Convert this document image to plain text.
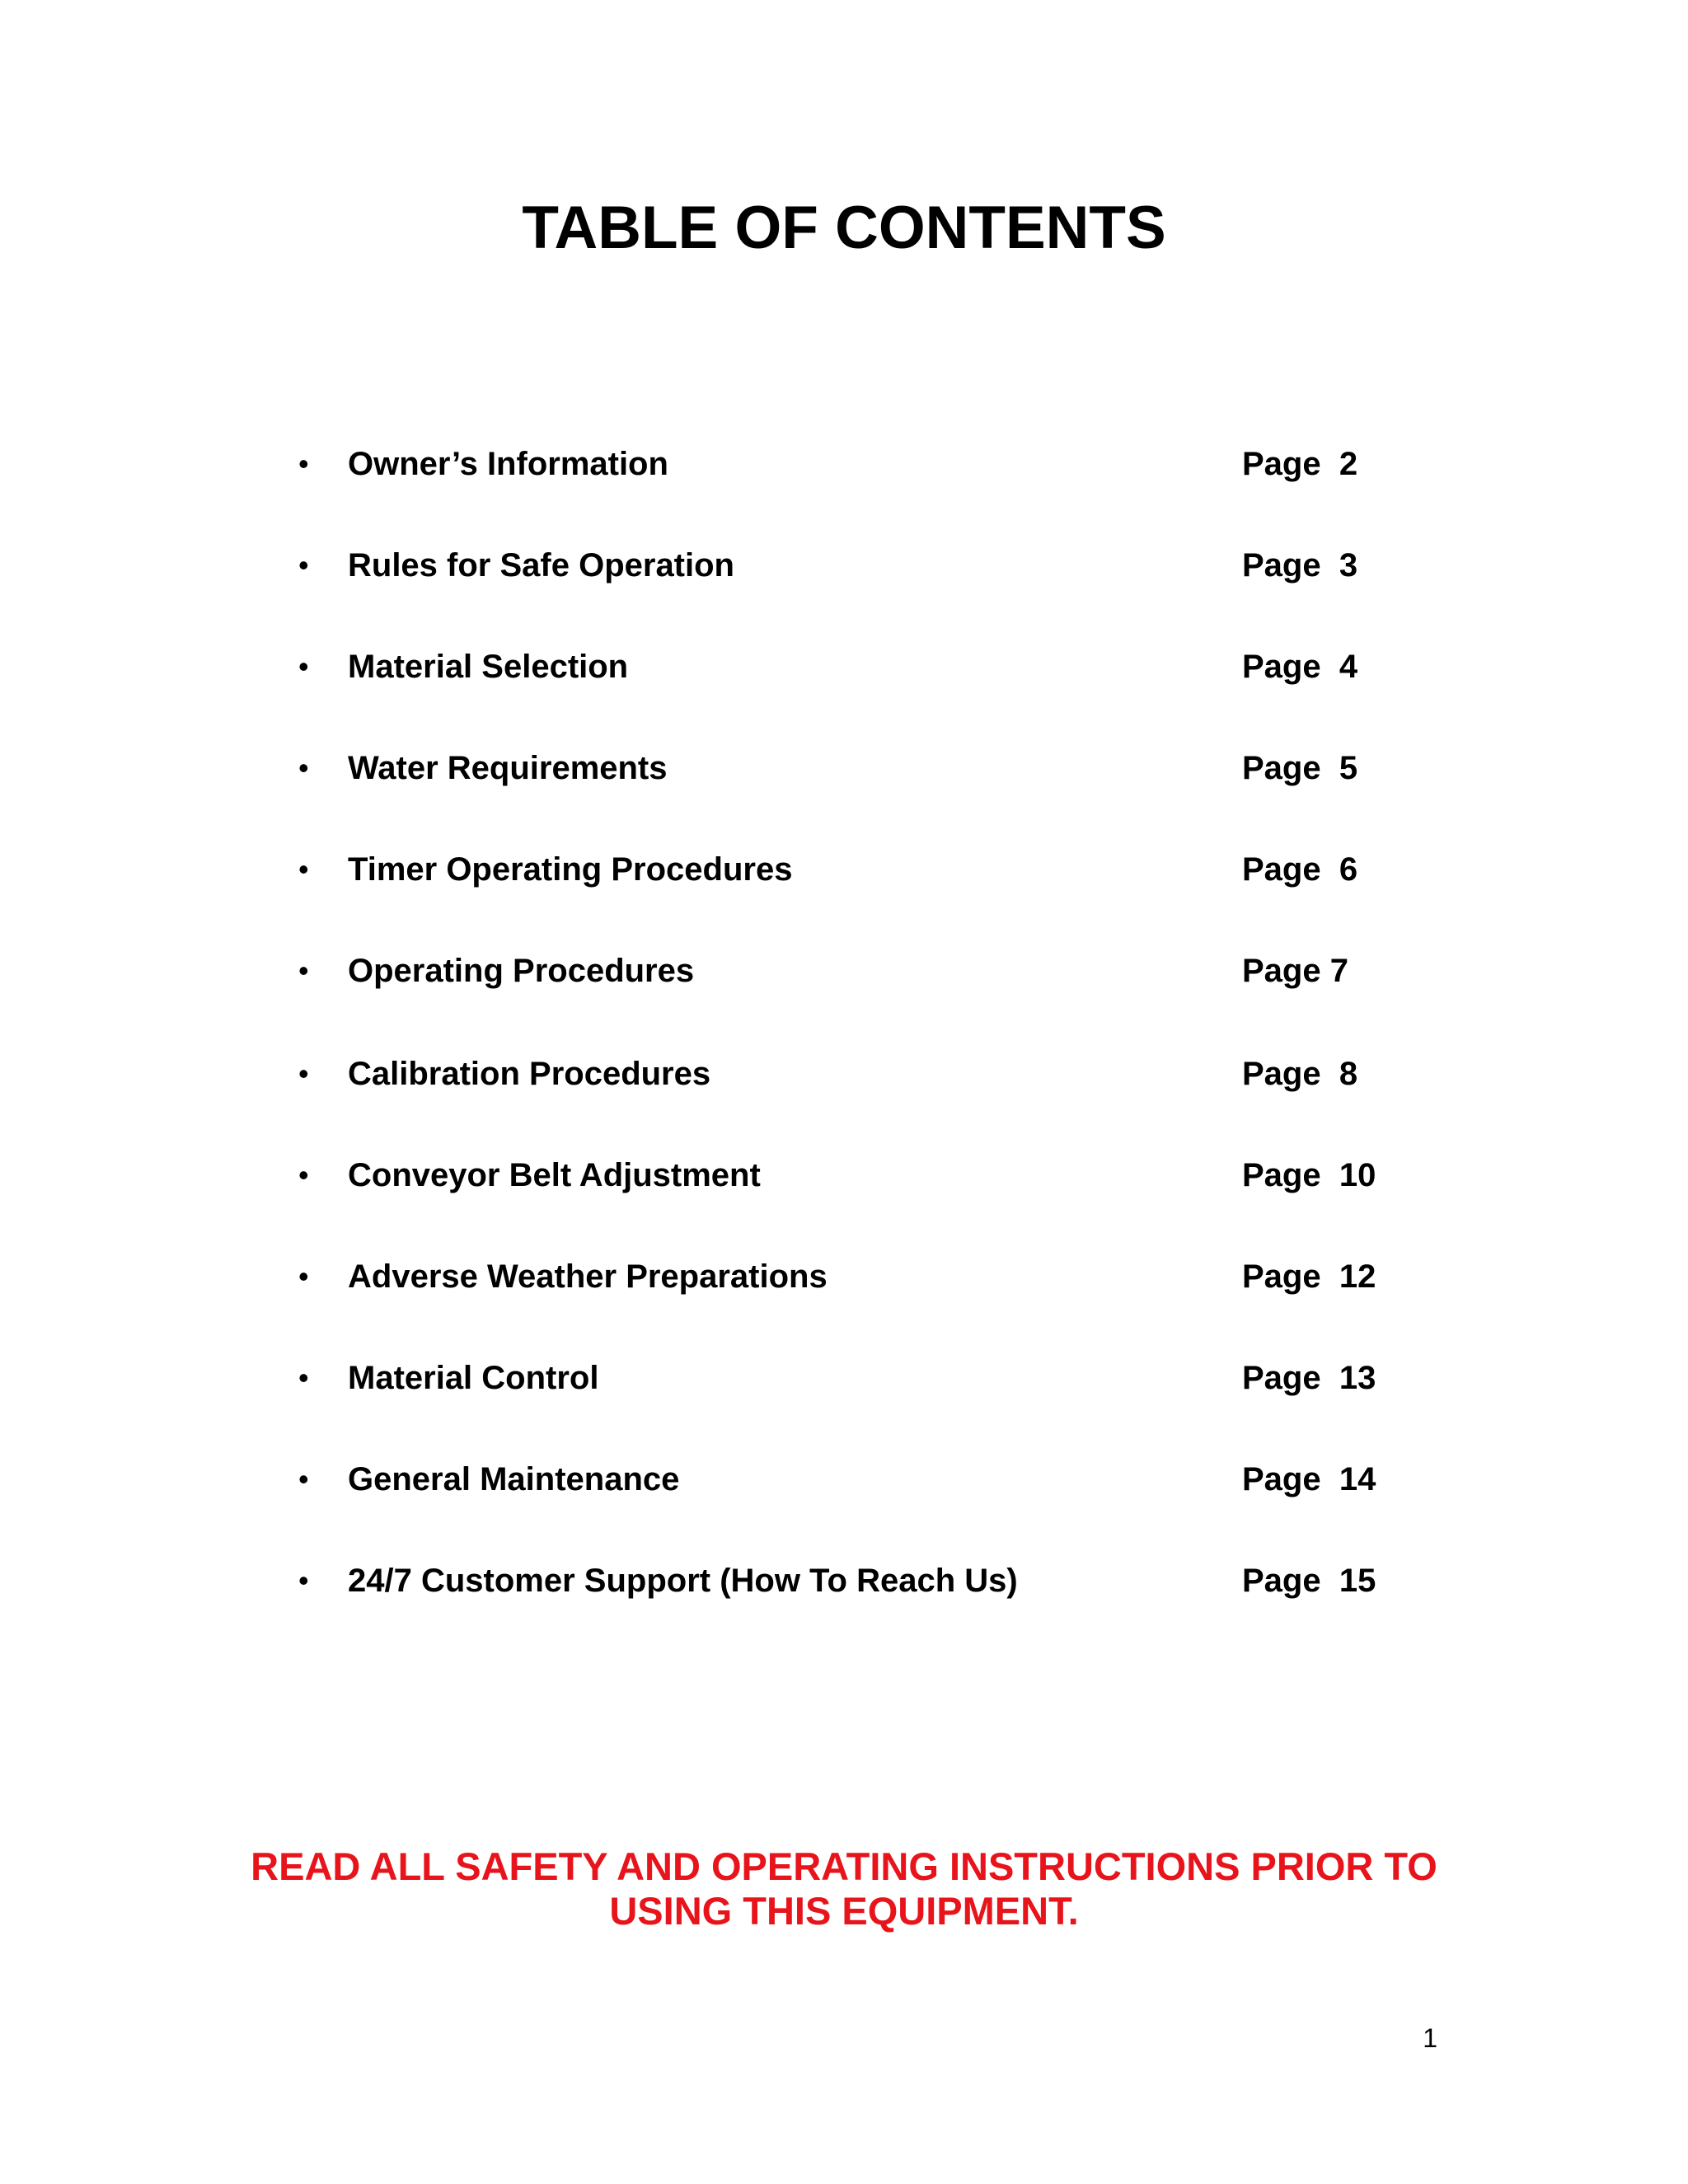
TABLE OF CONTENTS
•	Owner’s Information	Page  2
•	Rules for Safe Operation	Page  3
•	Material Selection	Page  4
•	Water Requirements	Page  5
•	Timer Operating Procedures	Page  6
•	Operating Procedures	Page 7
•	Calibration Procedures	Page  8
•	Conveyor Belt Adjustment	Page  10
•	Adverse Weather Preparations	Page  12
•	Material Control	Page  13
•	General Maintenance	Page  14
•	24/7 Customer Support (How To Reach Us)	Page  15
READ ALL SAFETY AND OPERATING INSTRUCTIONS PRIOR TO
USING THIS EQUIPMENT.
1
